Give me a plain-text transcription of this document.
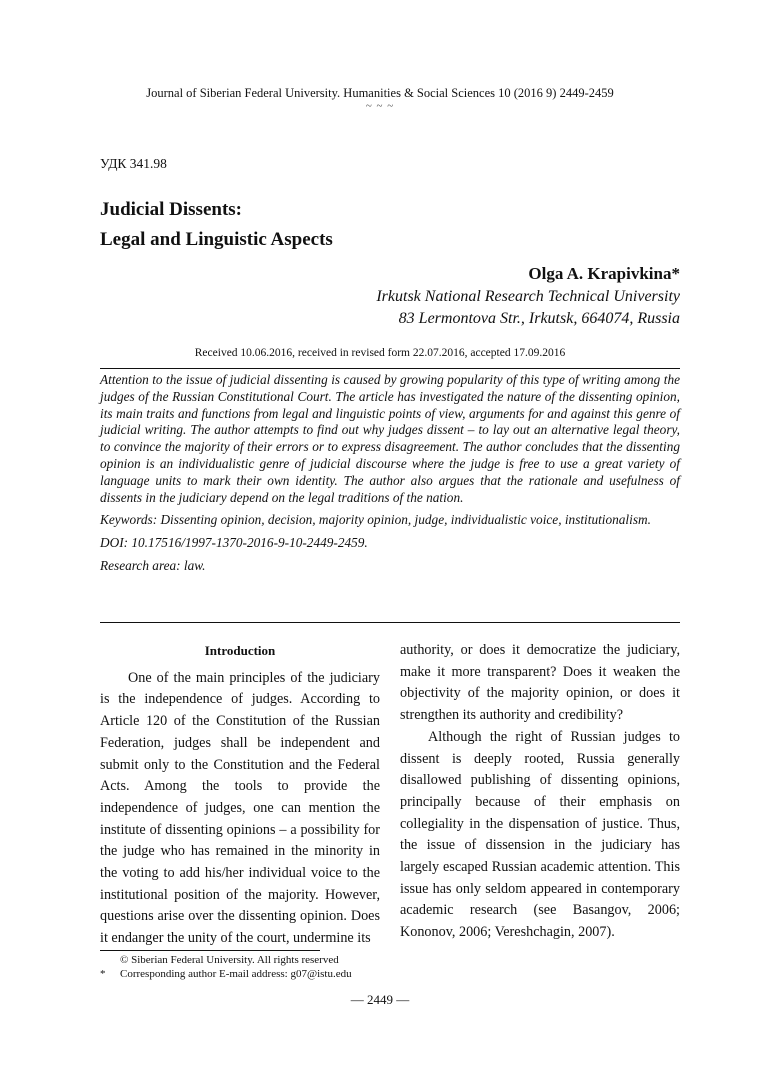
Journal of Siberian Federal University. Humanities & Social Sciences 10 (2016 9) 2449-2459
~ ~ ~
УДК 341.98
Judicial Dissents:
Legal and Linguistic Aspects
Olga A. Krapivkina*
Irkutsk National Research Technical University
83 Lermontova Str., Irkutsk, 664074, Russia
Received 10.06.2016, received in revised form 22.07.2016, accepted 17.09.2016

Attention to the issue of judicial dissenting is caused by growing popularity of this type of writing among the judges of the Russian Constitutional Court. The article has investigated the nature of the dissenting opinion, its main traits and functions from legal and linguistic points of view, arguments for and against this genre of judicial writing. The author attempts to find out why judges dissent – to lay out an alternative legal theory, to convince the majority of their errors or to express disagreement. The author concludes that the dissenting opinion is an individualistic genre of judicial discourse where the judge is free to use a great variety of language units to mark their own identity. The author also argues that the rationale and usefulness of dissents in the judiciary depend on the legal traditions of the nation.

Keywords: Dissenting opinion, decision, majority opinion, judge, individualistic voice, institutionalism.

DOI: 10.17516/1997-1370-2016-9-10-2449-2459.

Research area: law.

Introduction

One of the main principles of the judiciary is the independence of judges. According to Article 120 of the Constitution of the Russian Federation, judges shall be independent and submit only to the Constitution and the Federal Acts. Among the tools to provide the independence of judges, one can mention the institute of dissenting opinions – a possibility for the judge who has remained in the minority in the voting to add his/her individual voice to the institutional position of the majority. However, questions arise over the dissenting opinion. Does it endanger the unity of the court, undermine its

authority, or does it democratize the judiciary, make it more transparent? Does it weaken the objectivity of the majority opinion, or does it strengthen its authority and credibility?

Although the right of Russian judges to dissent is deeply rooted, Russia generally disallowed publishing of dissenting opinions, principally because of their emphasis on collegiality in the dispensation of justice. Thus, the issue of dissension in the judiciary has largely escaped Russian academic attention. This issue has only seldom appeared in contemporary academic research (see Basangov, 2006; Kononov, 2006; Vereshchagin, 2007).

© Siberian Federal University. All rights reserved
* Corresponding author E-mail address: g07@istu.edu
— 2449 —
